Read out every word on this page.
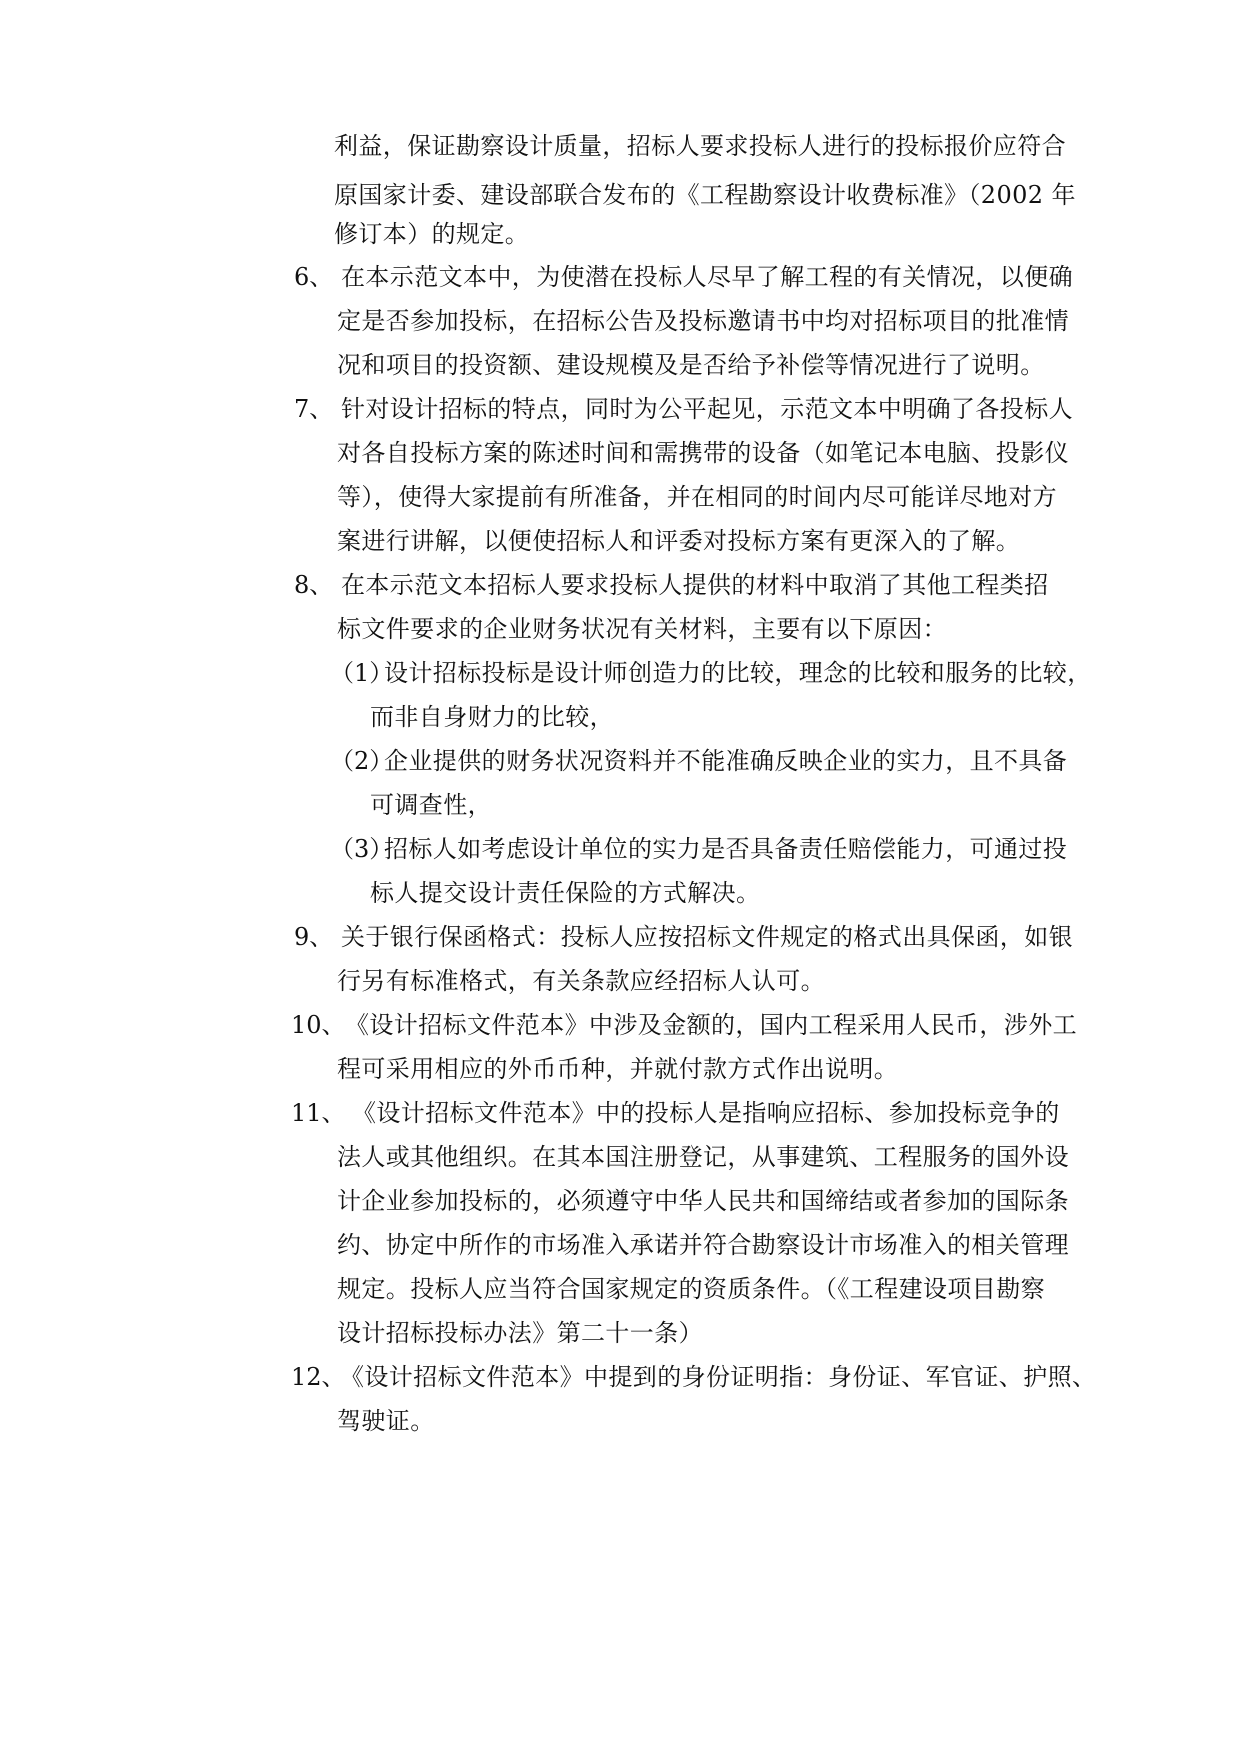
利益，保证勘察设计质量，招标人要求投标人进行的投标报价应符合
原国家计委、建设部联合发布的《工程勘察设计收费标准》（2002 年
修订本）的规定。
6、 在本示范文本中，为使潜在投标人尽早了解工程的有关情况，以便确
定是否参加投标，在招标公告及投标邀请书中均对招标项目的批准情
况和项目的投资额、建设规模及是否给予补偿等情况进行了说明。
7、 针对设计招标的特点，同时为公平起见，示范文本中明确了各投标人
对各自投标方案的陈述时间和需携带的设备（如笔记本电脑、投影仪
等），使得大家提前有所准备，并在相同的时间内尽可能详尽地对方
案进行讲解，以便使招标人和评委对投标方案有更深入的了解。
8、 在本示范文本招标人要求投标人提供的材料中取消了其他工程类招
标文件要求的企业财务状况有关材料，主要有以下原因：
（1）
设计招标投标是设计师创造力的比较，理念的比较和服务的比较，
而非自身财力的比较，
（2）
企业提供的财务状况资料并不能准确反映企业的实力，且不具备
可调查性，
（3）
招标人如考虑设计单位的实力是否具备责任赔偿能力，可通过投
标人提交设计责任保险的方式解决。
9、 关于银行保函格式：投标人应按招标文件规定的格式出具保函，如银
行另有标准格式，有关条款应经招标人认可。
10、 《设计招标文件范本》中涉及金额的，国内工程采用人民币，涉外工
程可采用相应的外币币种，并就付款方式作出说明。
11、 《设计招标文件范本》中的投标人是指响应招标、参加投标竞争的
法人或其他组织。在其本国注册登记，从事建筑、工程服务的国外设
计企业参加投标的，必须遵守中华人民共和国缔结或者参加的国际条
约、协定中所作的市场准入承诺并符合勘察设计市场准入的相关管理
规定。投标人应当符合国家规定的资质条件。（《工程建设项目勘察
设计招标投标办法》第二十一条）
12、
《设计招标文件范本》中提到的身份证明指：身份证、军官证、护照、
驾驶证。
